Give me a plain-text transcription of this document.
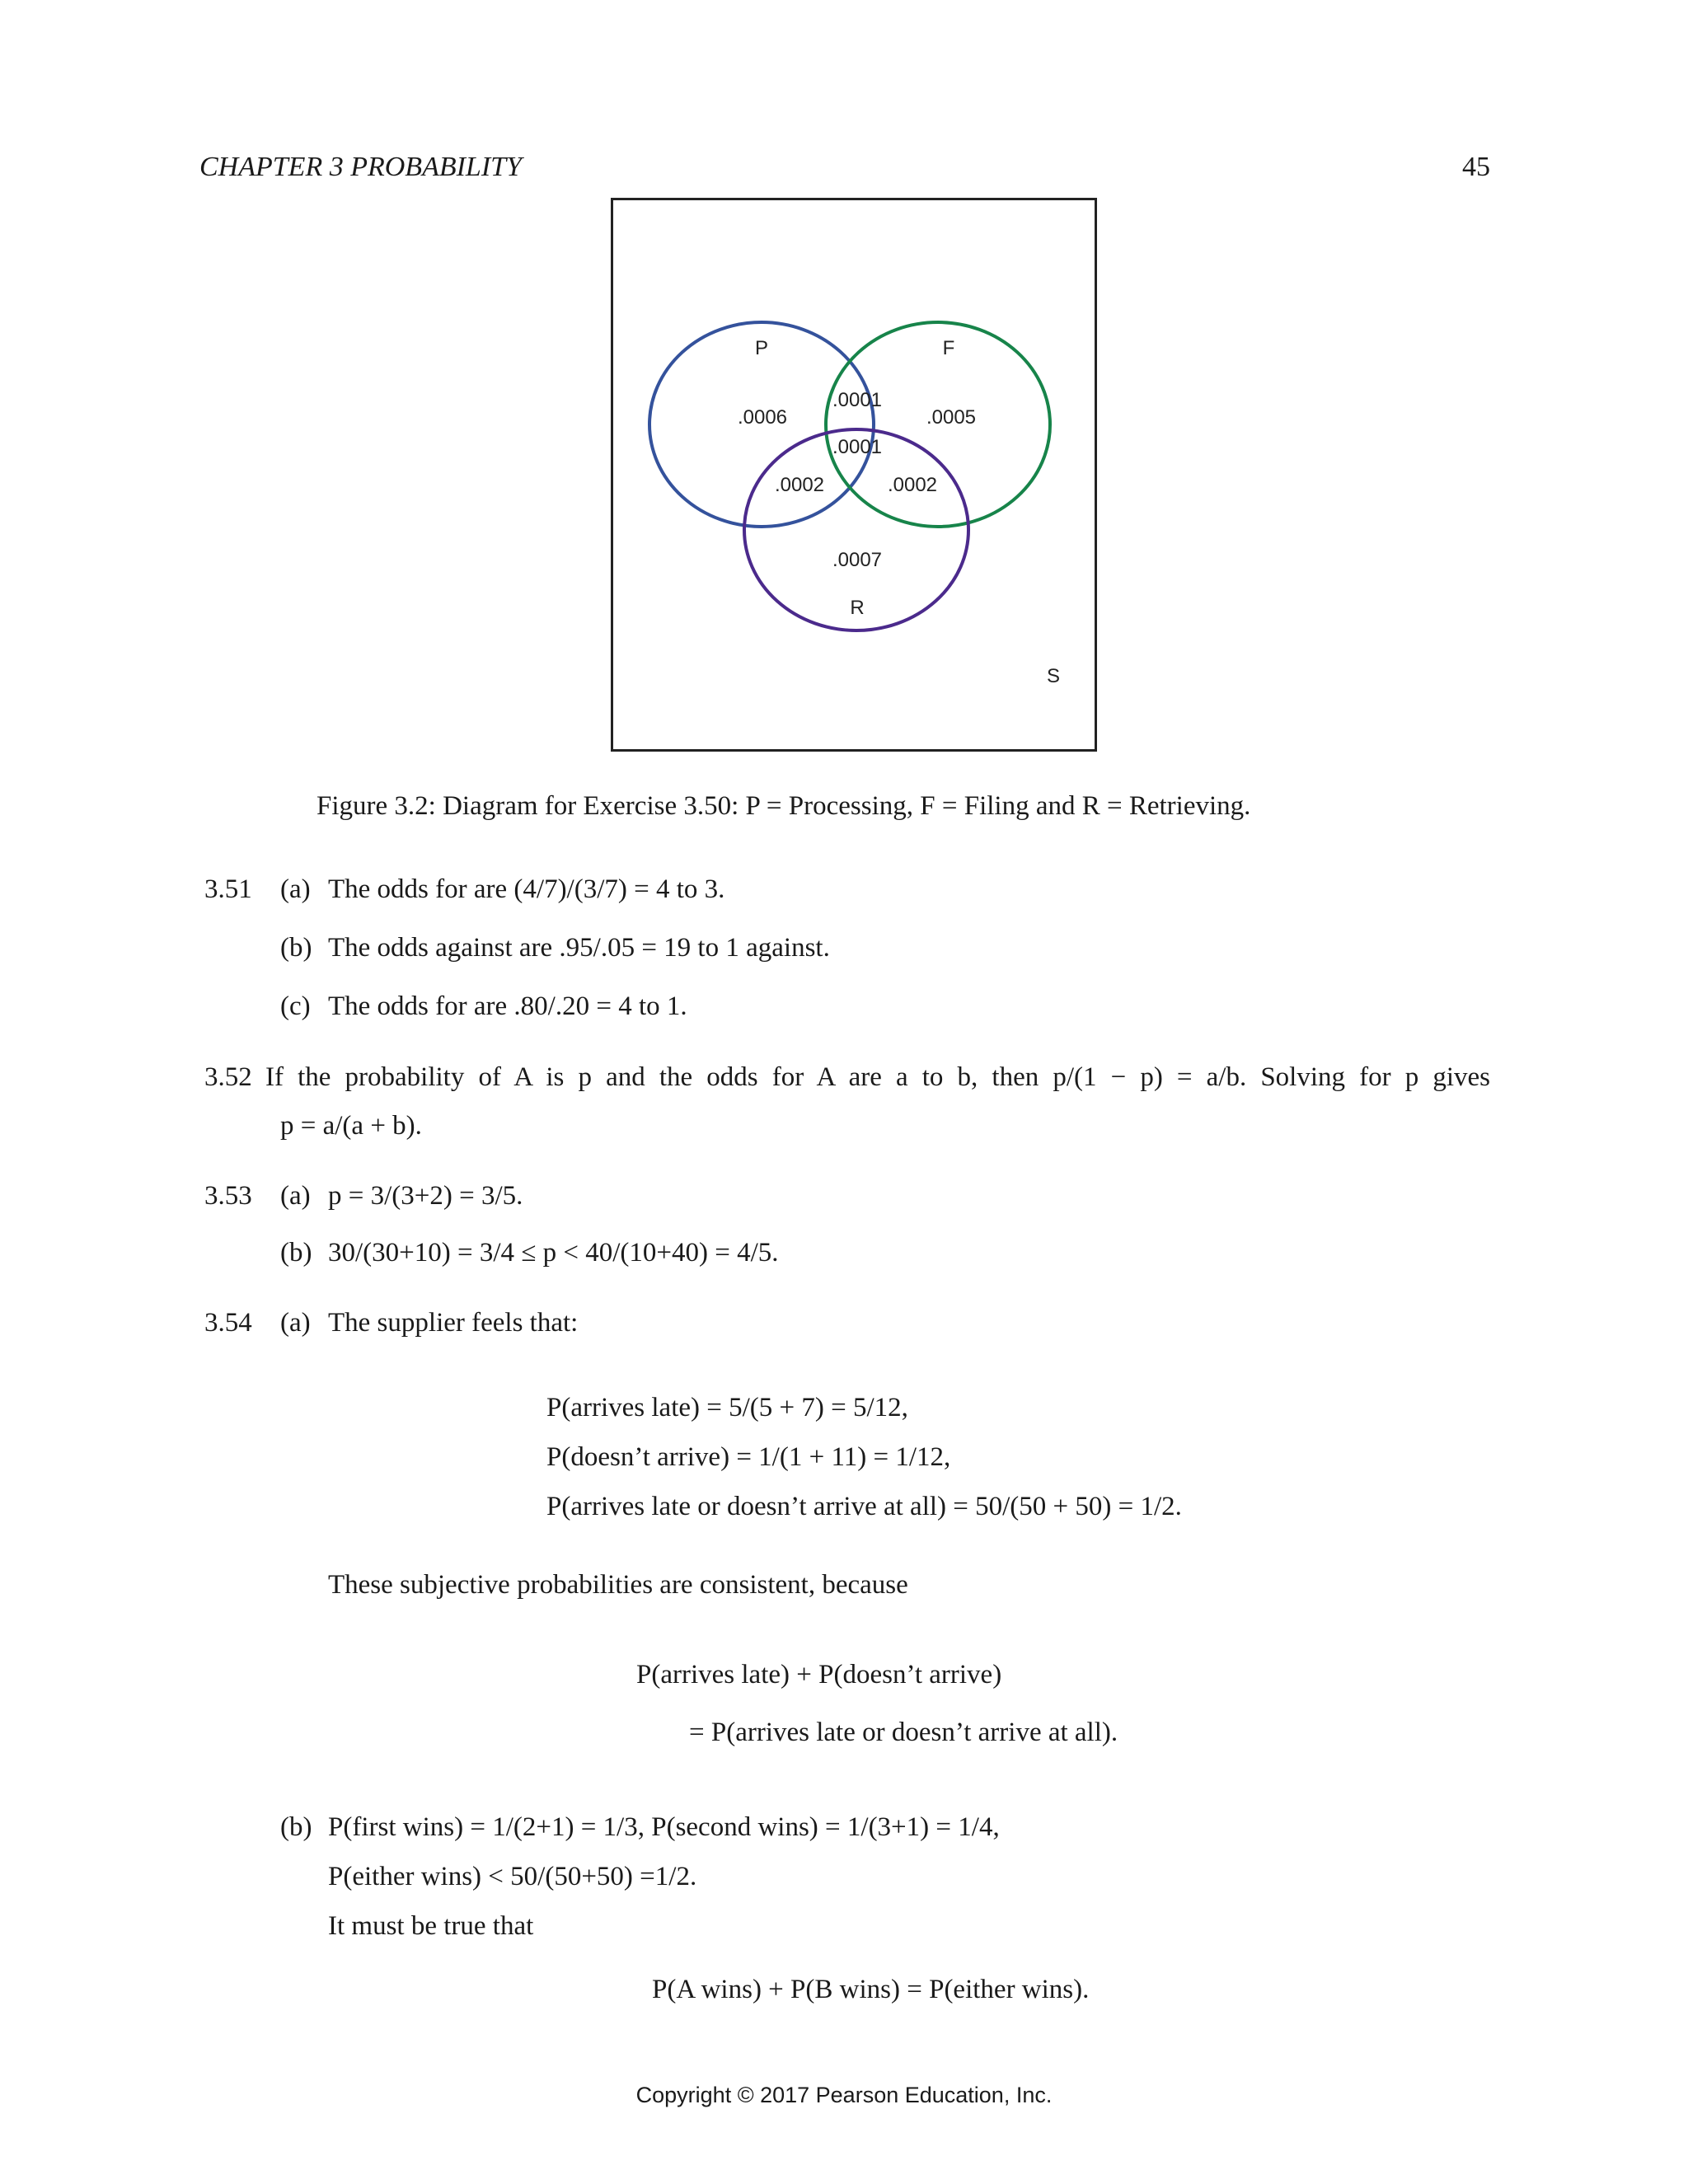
CHAPTER 3 PROBABILITY	45
P	F
R
S
.0006	.0005
.0001
.0001
.0002	.0002
.0007
Figure 3.2: Diagram for Exercise 3.50: P = Processing, F = Filing and R = Retrieving.
3.51 (a) The odds for are (4/7)/(3/7) = 4 to 3.
(b) The odds against are .95/.05 = 19 to 1 against.
(c) The odds for are .80/.20 = 4 to 1.
3.52 If the probability of A is p and the odds for A are a to b, then p/(1 − p) = a/b. Solving for p gives
p = a/(a + b).
3.53 (a) p = 3/(3+2) = 3/5.
(b) 30/(30+10) = 3/4 ≤ p < 40/(10+40) = 4/5.
3.54 (a) The supplier feels that:
P(arrives late) = 5/(5 + 7) = 5/12,
P(doesn’t arrive) = 1/(1 + 11) = 1/12,
P(arrives late or doesn’t arrive at all) = 50/(50 + 50) = 1/2.
These subjective probabilities are consistent, because
P(arrives late) + P(doesn’t arrive)
= P(arrives late or doesn’t arrive at all).
(b) P(first wins) = 1/(2+1) = 1/3, P(second wins) = 1/(3+1) = 1/4,
P(either wins) < 50/(50+50) =1/2.
It must be true that
P(A wins) + P(B wins) = P(either wins).
Copyright © 2017 Pearson Education, Inc.
